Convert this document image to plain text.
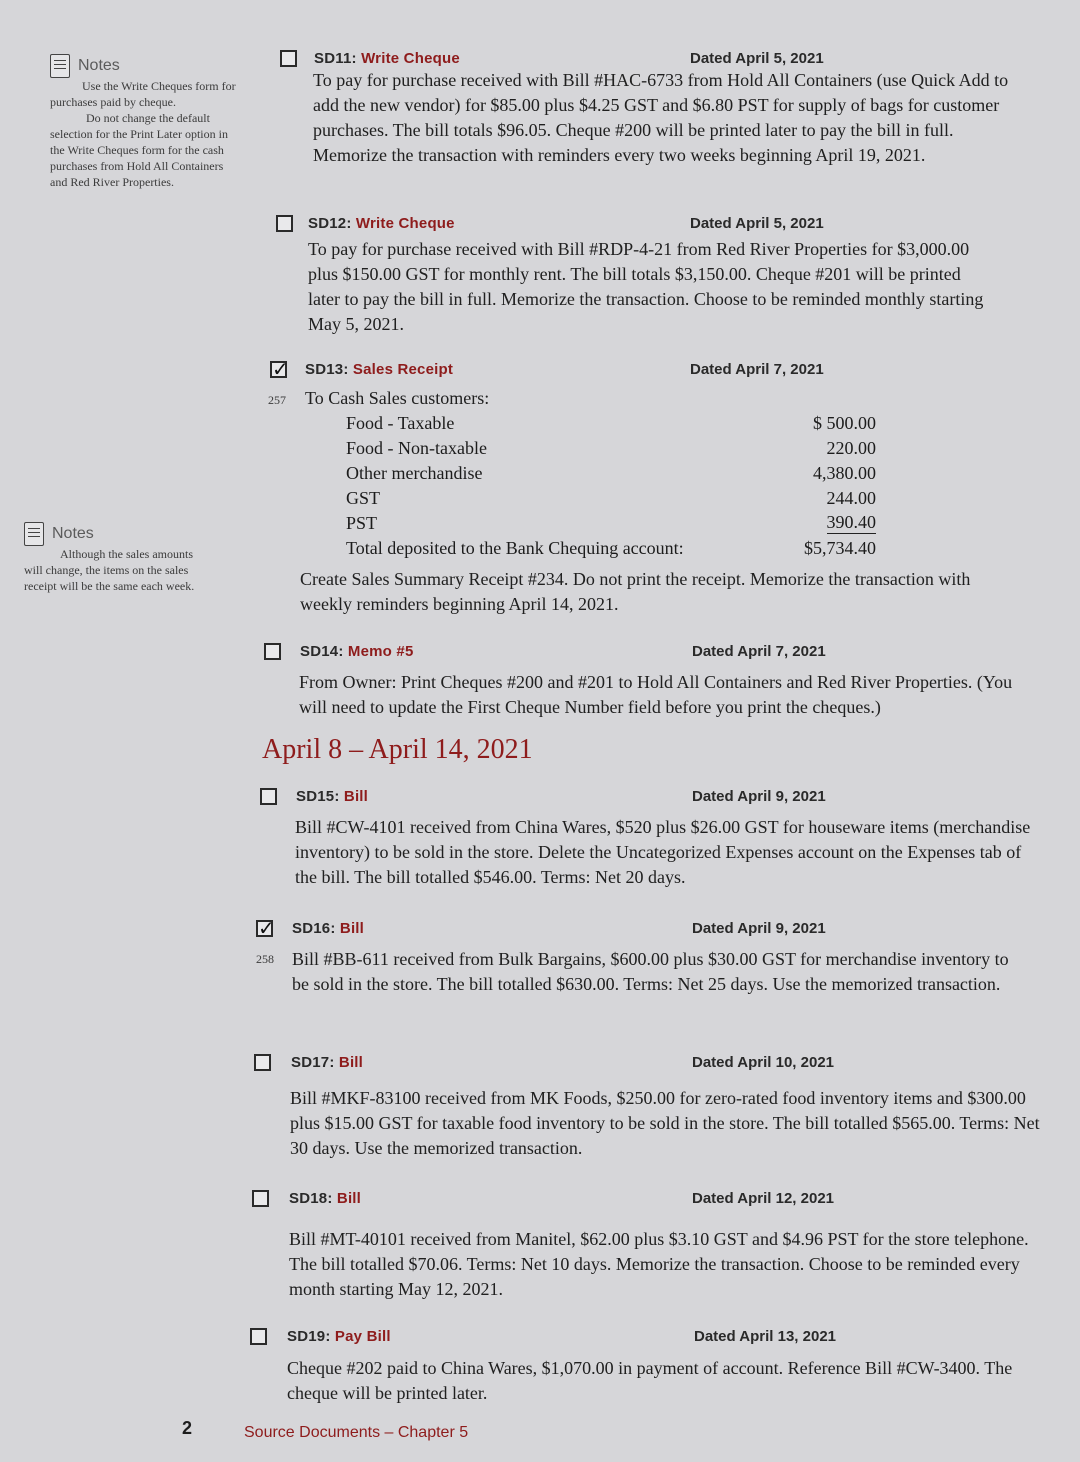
Notes

Use the Write Cheques form for purchases paid by cheque.

Do not change the default selection for the Print Later option in the Write Cheques form for the cash purchases from Hold All Containers and Red River Properties.

Notes

Although the sales amounts will change, the items on the sales receipt will be the same each week.

SD11: Write Cheque	Dated April 5, 2021

To pay for purchase received with Bill #HAC-6733 from Hold All Containers (use Quick Add to add the new vendor) for $85.00 plus $4.25 GST and $6.80 PST for supply of bags for customer purchases. The bill totals $96.05. Cheque #200 will be printed later to pay the bill in full. Memorize the transaction with reminders every two weeks beginning April 19, 2021.

SD12: Write Cheque	Dated April 5, 2021

To pay for purchase received with Bill #RDP-4-21 from Red River Properties for $3,000.00 plus $150.00 GST for monthly rent. The bill totals $3,150.00. Cheque #201 will be printed later to pay the bill in full. Memorize the transaction. Choose to be reminded monthly starting May 5, 2021.

✓
SD13: Sales Receipt	Dated April 7, 2021
257 To Cash Sales customers:

Food - Taxable	$ 500.00
Food - Non-taxable	220.00
Other merchandise	4,380.00
GST	244.00
PST	390.40
Total deposited to the Bank Chequing account:	$5,734.40

Create Sales Summary Receipt #234. Do not print the receipt. Memorize the transaction with weekly reminders beginning April 14, 2021.

SD14: Memo #5	Dated April 7, 2021

From Owner: Print Cheques #200 and #201 to Hold All Containers and Red River Properties. (You will need to update the First Cheque Number field before you print the cheques.)

April 8 – April 14, 2021
SD15: Bill	Dated April 9, 2021

Bill #CW-4101 received from China Wares, $520 plus $26.00 GST for houseware items (merchandise inventory) to be sold in the store. Delete the Uncategorized Expenses account on the Expenses tab of the bill. The bill totalled $546.00. Terms: Net 20 days.

✓
SD16: Bill	Dated April 9, 2021
258 Bill #BB-611 received from Bulk Bargains, $600.00 plus $30.00 GST for merchandise inventory to be sold in the store. The bill totalled $630.00. Terms: Net 25 days. Use the memorized transaction.

SD17: Bill	Dated April 10, 2021

Bill #MKF-83100 received from MK Foods, $250.00 for zero-rated food inventory items and $300.00 plus $15.00 GST for taxable food inventory to be sold in the store. The bill totalled $565.00. Terms: Net 30 days. Use the memorized transaction.

SD18: Bill	Dated April 12, 2021

Bill #MT-40101 received from Manitel, $62.00 plus $3.10 GST and $4.96 PST for the store telephone. The bill totalled $70.06. Terms: Net 10 days. Memorize the transaction. Choose to be reminded every month starting May 12, 2021.

SD19: Pay Bill	Dated April 13, 2021

Cheque #202 paid to China Wares, $1,070.00 in payment of account. Reference Bill #CW-3400. The cheque will be printed later.

2	Source Documents – Chapter 5
